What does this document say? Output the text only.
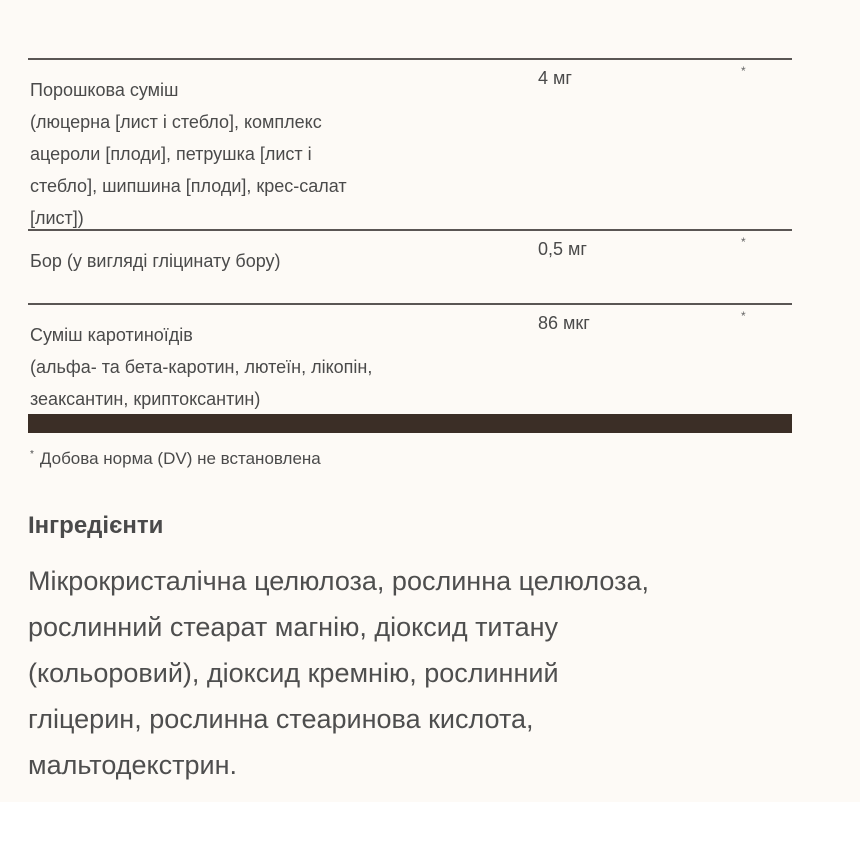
Порошкова суміш
(люцерна [лист і стебло], комплекс
ацероли [плоди], петрушка [лист і
стебло], шипшина [плоди], крес-салат
[лист])
4 мг	*
Бор (у вигляді гліцинату бору)
0,5 мг	*
Суміш каротиноїдів
(альфа- та бета-каротин, лютеїн, лікопін,
зеаксантин, криптоксантин)
86 мкг	*
* Добова норма (DV) не встановлена
Інгредієнти
Мікрокристалічна целюлоза, рослинна целюлоза,
рослинний стеарат магнію, діоксид титану
(кольоровий), діоксид кремнію, рослинний
гліцерин, рослинна стеаринова кислота,
мальтодекстрин.
